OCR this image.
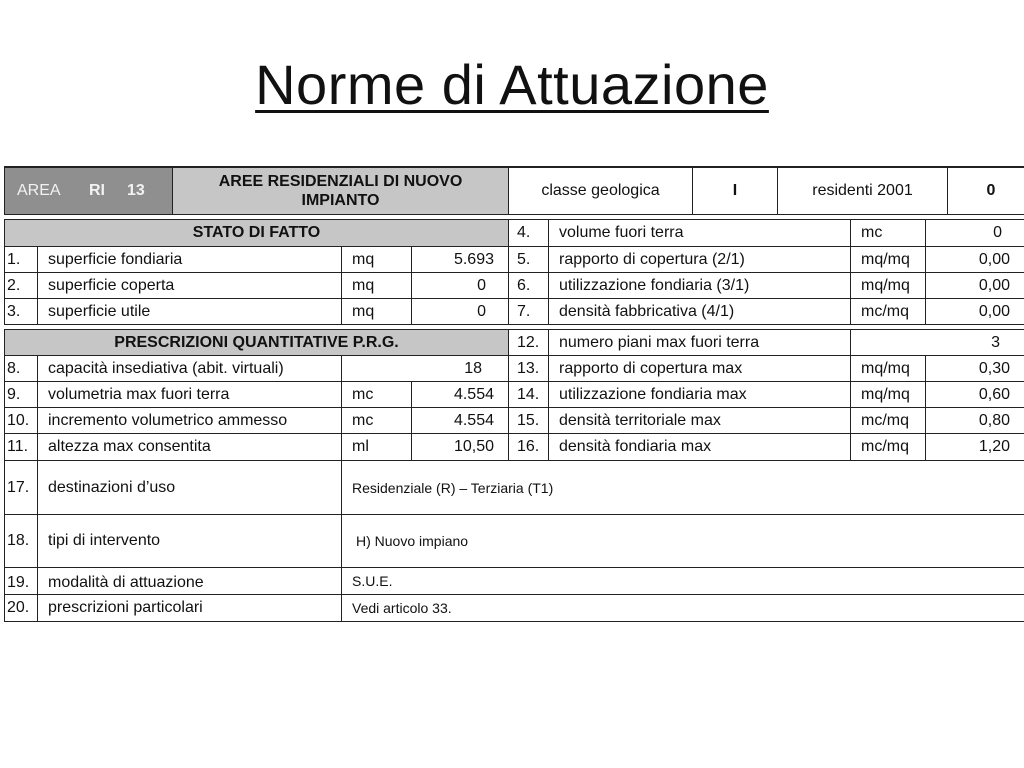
Norme di Attuazione
AREA	RI	13
AREE RESIDENZIALI DI NUOVO IMPIANTO
classe geologica	I	residenti 2001	0
STATO DI FATTO	4.	volume fuori terra	mc	0
1.	superficie fondiaria	mq	5.693	5.	rapporto di copertura (2/1)	mq/mq	0,00
2.	superficie coperta	mq	0	6.	utilizzazione fondiaria (3/1)	mq/mq	0,00
3.	superficie utile	mq	0	7.	densità fabbricativa (4/1)	mc/mq	0,00
PRESCRIZIONI QUANTITATIVE P.R.G.	12.	numero piani max fuori terra	3
8.	capacità insediativa (abit. virtuali)	18	13.	rapporto di copertura max	mq/mq	0,30
9.	volumetria max fuori terra	mc	4.554	14.	utilizzazione fondiaria max	mq/mq	0,60
10.	incremento volumetrico ammesso	mc	4.554	15.	densità territoriale max	mc/mq	0,80
11.	altezza max consentita	ml	10,50	16.	densità fondiaria max	mc/mq	1,20
17.	destinazioni d’uso	Residenziale (R) – Terziaria (T1)
18.	tipi di intervento	H) Nuovo impiano
19.	modalità di attuazione	S.U.E.
20.	prescrizioni particolari	Vedi articolo 33.
